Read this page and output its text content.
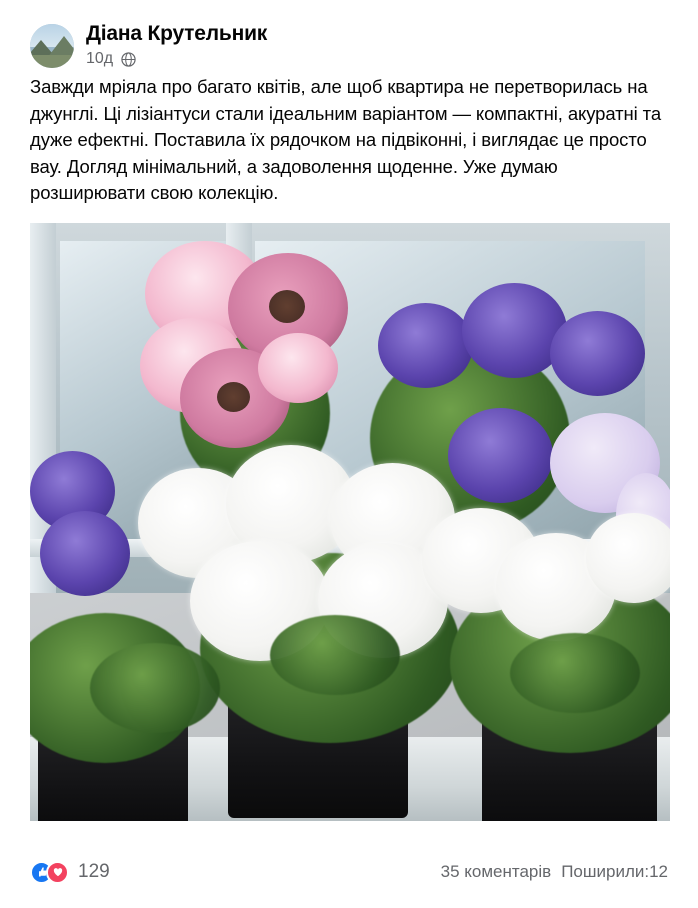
Діана Крутельник
10д
Завжди мріяла про багато квітів, але щоб квартира не перетворилась на джунглі. Ці лізіантуси стали ідеальним варіантом — компактні, акуратні та дуже ефектні. Поставила їх рядочком на підвіконні, і виглядає це просто вау. Догляд мінімальний, а задоволення щоденне. Уже думаю розширювати свою колекцію.
129	35 коментарів Поширили:12
